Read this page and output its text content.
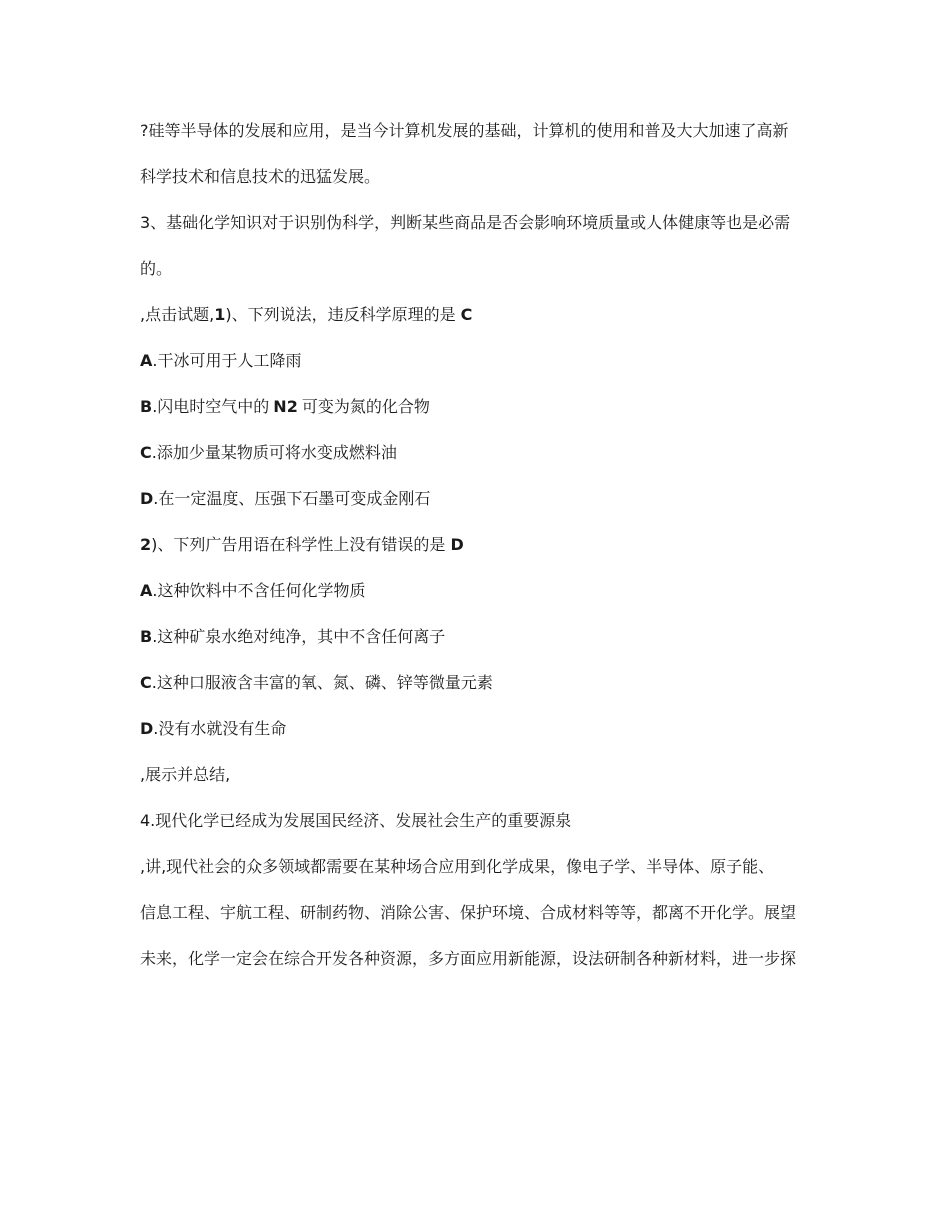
?硅等半导体的发展和应用，是当今计算机发展的基础，计算机的使用和普及大大加速了高新

科学技术和信息技术的迅猛发展。

3、基础化学知识对于识别伪科学，判断某些商品是否会影响环境质量或人体健康等也是必需

的。

,点击试题,1)、下列说法，违反科学原理的是 C

A.干冰可用于人工降雨

B.闪电时空气中的 N2 可变为氮的化合物

C.添加少量某物质可将水变成燃料油

D.在一定温度、压强下石墨可变成金刚石

2)、下列广告用语在科学性上没有错误的是 D

A.这种饮料中不含任何化学物质

B.这种矿泉水绝对纯净，其中不含任何离子

C.这种口服液含丰富的氧、氮、磷、锌等微量元素

D.没有水就没有生命

,展示并总结,

4.现代化学已经成为发展国民经济、发展社会生产的重要源泉

,讲,现代社会的众多领域都需要在某种场合应用到化学成果，像电子学、半导体、原子能、

信息工程、宇航工程、研制药物、消除公害、保护环境、合成材料等等，都离不开化学。展望

未来，化学一定会在综合开发各种资源，多方面应用新能源，设法研制各种新材料，进一步探
